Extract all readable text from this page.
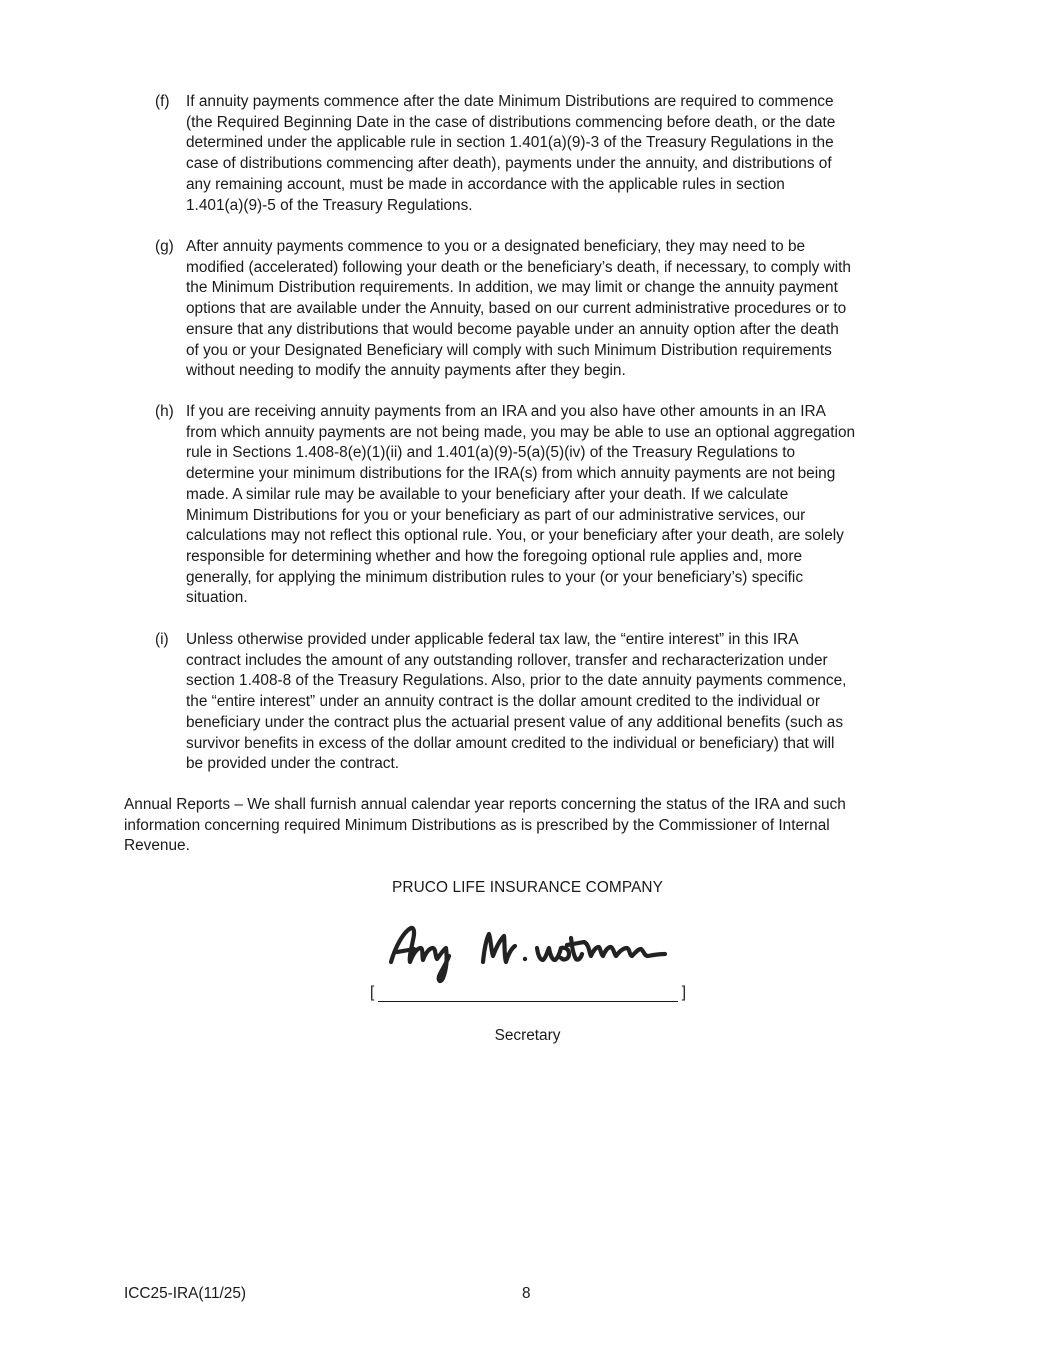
(f)	If annuity payments commence after the date Minimum Distributions are required to commence
(the Required Beginning Date in the case of distributions commencing before death, or the date
determined under the applicable rule in section 1.401(a)(9)-3 of the Treasury Regulations in the
case of distributions commencing after death), payments under the annuity, and distributions of
any remaining account, must be made in accordance with the applicable rules in section
1.401(a)(9)-5 of the Treasury Regulations.
(g) After annuity payments commence to you or a designated beneficiary, they may need to be
modified (accelerated) following your death or the beneficiary’s death, if necessary, to comply with
the Minimum Distribution requirements. In addition, we may limit or change the annuity payment
options that are available under the Annuity, based on our current administrative procedures or to
ensure that any distributions that would become payable under an annuity option after the death
of you or your Designated Beneficiary will comply with such Minimum Distribution requirements
without needing to modify the annuity payments after they begin.
(h) If you are receiving annuity payments from an IRA and you also have other amounts in an IRA
from which annuity payments are not being made, you may be able to use an optional aggregation
rule in Sections 1.408-8(e)(1)(ii) and 1.401(a)(9)-5(a)(5)(iv) of the Treasury Regulations to
determine your minimum distributions for the IRA(s) from which annuity payments are not being
made. A similar rule may be available to your beneficiary after your death. If we calculate
Minimum Distributions for you or your beneficiary as part of our administrative services, our
calculations may not reflect this optional rule. You, or your beneficiary after your death, are solely
responsible for determining whether and how the foregoing optional rule applies and, more
generally, for applying the minimum distribution rules to your (or your beneficiary’s) specific
situation.
(i)	Unless otherwise provided under applicable federal tax law, the “entire interest” in this IRA
contract includes the amount of any outstanding rollover, transfer and recharacterization under
section 1.408-8 of the Treasury Regulations. Also, prior to the date annuity payments commence,
the “entire interest” under an annuity contract is the dollar amount credited to the individual or
beneficiary under the contract plus the actuarial present value of any additional benefits (such as
survivor benefits in excess of the dollar amount credited to the individual or beneficiary) that will
be provided under the contract.
Annual Reports – We shall furnish annual calendar year reports concerning the status of the IRA and such
information concerning required Minimum Distributions as is prescribed by the Commissioner of Internal
Revenue.
PRUCO LIFE INSURANCE COMPANY
[	]
Secretary
ICC25-IRA(11/25)	8
